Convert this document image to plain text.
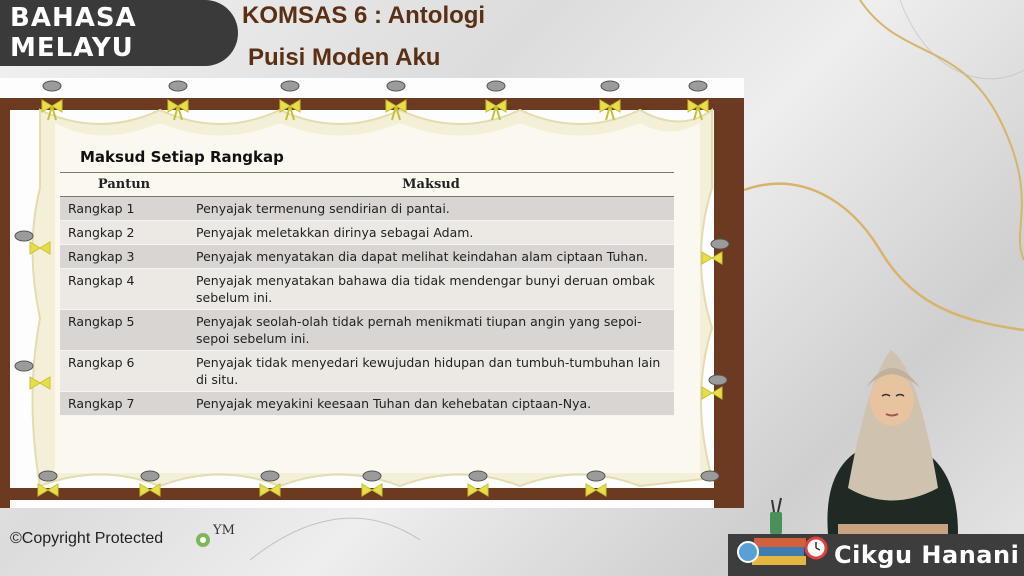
BAHASA MELAYU
KOMSAS 6 : Antologi
Puisi Moden Aku
Maksud Setiap Rangkap
Pantun	Maksud
Rangkap 1	Penyajak termenung sendirian di pantai.
Rangkap 2	Penyajak meletakkan dirinya sebagai Adam.
Rangkap 3	Penyajak menyatakan dia dapat melihat keindahan alam ciptaan Tuhan.
Rangkap 4	Penyajak menyatakan bahawa dia tidak mendengar bunyi deruan ombak sebelum ini.
Rangkap 5	Penyajak seolah-olah tidak pernah menikmati tiupan angin yang sepoi-sepoi sebelum ini.
Rangkap 6	Penyajak tidak menyedari kewujudan hidupan dan tumbuh-tumbuhan lain di situ.
Rangkap 7	Penyajak meyakini keesaan Tuhan dan kehebatan ciptaan-Nya.
©Copyright Protected	YM
Cikgu Hanani
